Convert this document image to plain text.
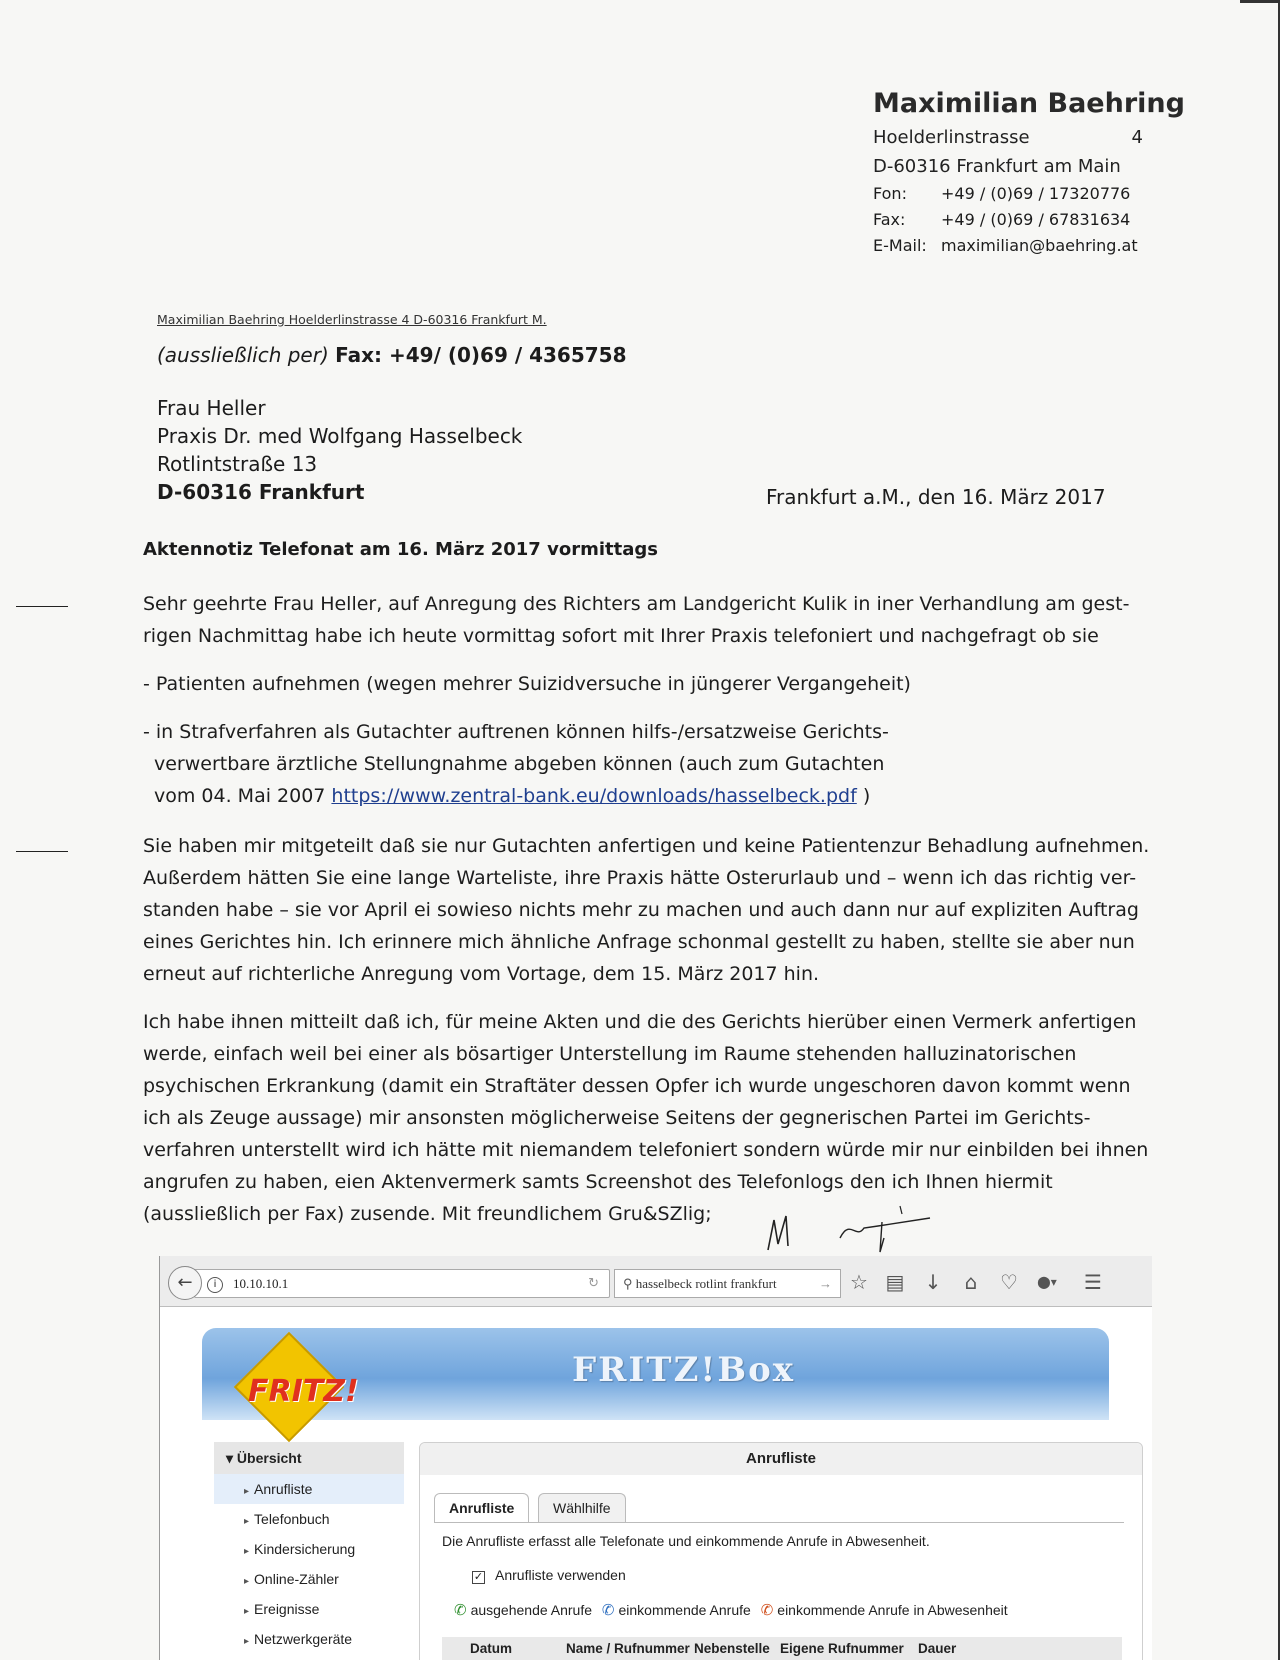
Maximilian Baehring
Hoelderlinstrasse	4
D-60316 Frankfurt am Main
Fon: +49 / (0)69 / 17320776
Fax: +49 / (0)69 / 67831634
E-Mail: maximilian@baehring.at
Maximilian Baehring Hoelderlinstrasse 4 D-60316 Frankfurt M.
(aussließlich per) Fax: +49/ (0)69 / 4365758
Frau Heller
Praxis Dr. med Wolfgang Hasselbeck
Rotlintstraße 13
D-60316 Frankfurt	Frankfurt a.M., den 16. März 2017
Aktennotiz Telefonat am 16. März 2017 vormittags
Sehr geehrte Frau Heller, auf Anregung des Richters am Landgericht Kulik in iner Verhandlung am gest-
rigen Nachmittag habe ich heute vormittag sofort mit Ihrer Praxis telefoniert und nachgefragt ob sie
- Patienten aufnehmen (wegen mehrer Suizidversuche in jüngerer Vergangeheit)
- in Strafverfahren als Gutachter auftrenen können hilfs-/ersatzweise Gerichts-
verwertbare ärztliche Stellungnahme abgeben können (auch zum Gutachten
vom 04. Mai 2007 https://www.zentral-bank.eu/downloads/hasselbeck.pdf )
Sie haben mir mitgeteilt daß sie nur Gutachten anfertigen und keine Patientenzur Behadlung aufnehmen.
Außerdem hätten Sie eine lange Warteliste, ihre Praxis hätte Osterurlaub und – wenn ich das richtig ver-
standen habe – sie vor April ei sowieso nichts mehr zu machen und auch dann nur auf expliziten Auftrag
eines Gerichtes hin. Ich erinnere mich ähnliche Anfrage schonmal gestellt zu haben, stellte sie aber nun
erneut auf richterliche Anregung vom Vortage, dem 15. März 2017 hin.
Ich habe ihnen mitteilt daß ich, für meine Akten und die des Gerichts hierüber einen Vermerk anfertigen
werde, einfach weil bei einer als bösartiger Unterstellung im Raume stehenden halluzinatorischen
psychischen Erkrankung (damit ein Straftäter dessen Opfer ich wurde ungeschoren davon kommt wenn
ich als Zeuge aussage) mir ansonsten möglicherweise Seitens der gegnerischen Partei im Gerichts-
verfahren unterstellt wird ich hätte mit niemandem telefoniert sondern würde mir nur einbilden bei ihnen
angrufen zu haben, eien Aktenvermerk samts Screenshot des Telefonlogs den ich Ihnen hiermit
(aussließlich per Fax) zusende. Mit freundlichem Gru&SZlig;
i 10.10.10.1	↻
←	⚲ hasselbeck rotlint frankfurt	→ ☆ ▤ ↓	⌂	♡	⬤▾ ☰
FRITZ!
FRITZ!Box
▾ Übersicht
▸ Anrufliste
▸ Telefonbuch
▸ Kindersicherung
▸ Online-Zähler
▸ Ereignisse
▸ Netzwerkgeräte
Anrufliste
Anrufliste	Wählhilfe
Die Anrufliste erfasst alle Telefonate und einkommende Anrufe in Abwesenheit.
✓ Anrufliste verwenden
✆ ausgehende Anrufe ✆ einkommende Anrufe ✆ einkommende Anrufe in Abwesenheit
Datum	Name / Rufnummer Nebenstelle Eigene Rufnummer Dauer
